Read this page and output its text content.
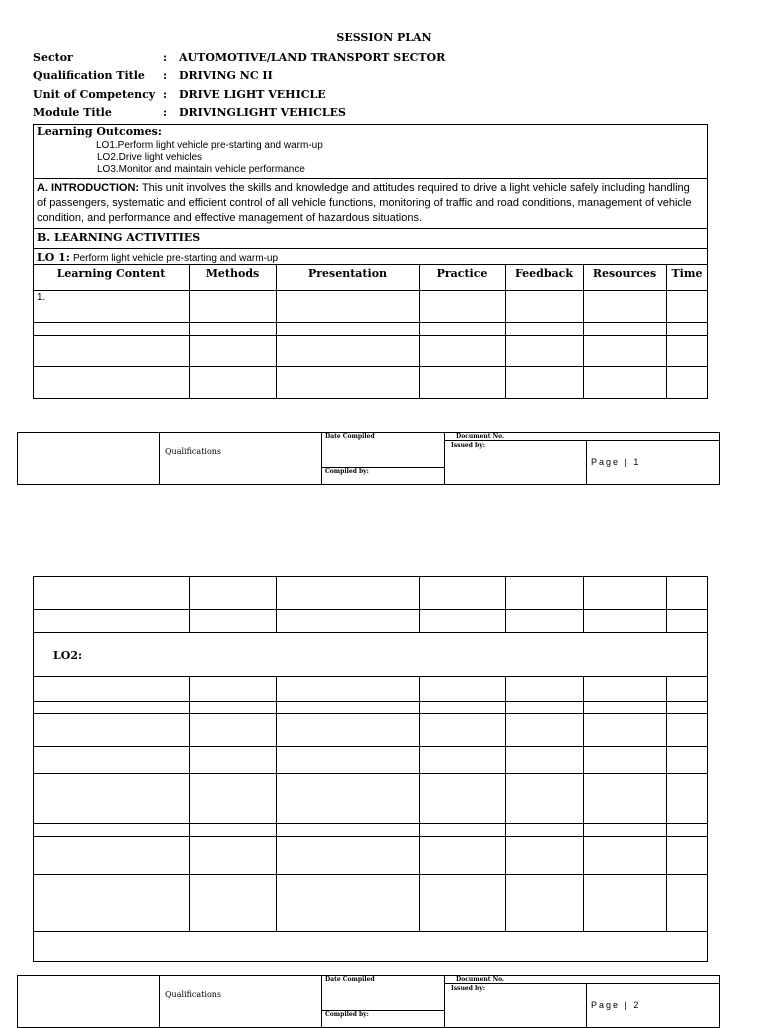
SESSION PLAN
Sector	: AUTOMOTIVE/LAND TRANSPORT SECTOR
Qualification Title : DRIVING NC II
Unit of Competency : DRIVE LIGHT VEHICLE
Module Title	: DRIVINGLIGHT VEHICLES
Learning Outcomes:
LO1.Perform light vehicle pre-starting and warm-up
LO2.Drive light vehicles
LO3.Monitor and maintain vehicle performance
A. INTRODUCTION: This unit involves the skills and knowledge and attitudes required to drive a light vehicle safely including handling
of passengers, systematic and efficient control of all vehicle functions, monitoring of traffic and road conditions, management of vehicle
condition, and performance and effective management of hazardous situations.
B. LEARNING ACTIVITIES
LO 1: Perform light vehicle pre-starting and warm-up
Learning Content	Methods	Presentation	Practice	Feedback	Resources	Time
1.
Qualifications
Date Compiled
Compiled by:
Document No.
Issued by:
Page | 1
LO2:
Qualifications
Date Compiled
Compiled by:
Document No.
Issued by:
Page | 2
